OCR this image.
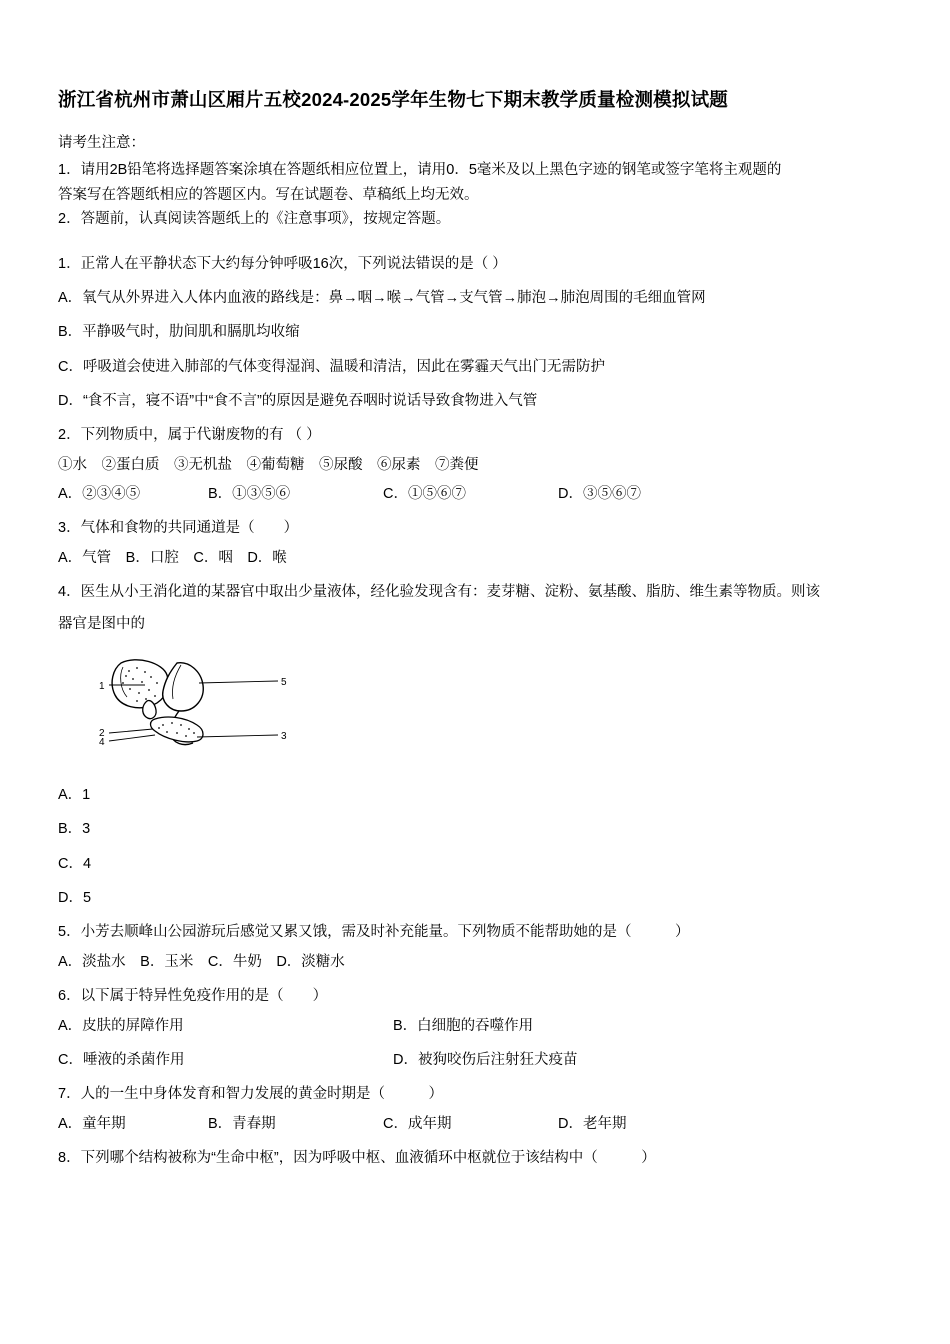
浙江省杭州市萧山区厢片五校2024-2025学年生物七下期末教学质量检测模拟试题
请考生注意：
1．请用2B铅笔将选择题答案涂填在答题纸相应位置上，请用0．5毫米及以上黑色字迹的钢笔或签字笔将主观题的
答案写在答题纸相应的答题区内。写在试题卷、草稿纸上均无效。
2．答题前，认真阅读答题纸上的《注意事项》，按规定答题。
1．正常人在平静状态下大约每分钟呼吸16次，下列说法错误的是（ ）
A．氧气从外界进入人体内血液的路线是：鼻→咽→喉→气管→支气管→肺泡→肺泡周围的毛细血管网
B．平静吸气时，肋间肌和膈肌均收缩
C．呼吸道会使进入肺部的气体变得湿润、温暖和清洁，因此在雾霾天气出门无需防护
D．“食不言，寝不语”中“食不言”的原因是避免吞咽时说话导致食物进入气管
2．下列物质中，属于代谢废物的有 （ ）
①水　②蛋白质　③无机盐　④葡萄糖　⑤尿酸　⑥尿素　⑦粪便
A．②③④⑤	B．①③⑤⑥	C．①⑤⑥⑦	D．③⑤⑥⑦
3．气体和食物的共同通道是（　　）
A．气管　B．口腔　C．咽　D．喉
4．医生从小王消化道的某器官中取出少量液体，经化验发现含有：麦芽糖、淀粉、氨基酸、脂肪、维生素等物质。则该
器官是图中的
1
2
4
5
3
A．1
B．3
C．4
D．5
5．小芳去顺峰山公园游玩后感觉又累又饿，需及时补充能量。下列物质不能帮助她的是（　　　）
A．淡盐水　B．玉米　C．牛奶　D．淡糖水
6．以下属于特异性免疫作用的是（　　）
A．皮肤的屏障作用	B．白细胞的吞噬作用
C．唾液的杀菌作用	D．被狗咬伤后注射狂犬疫苗
7．人的一生中身体发育和智力发展的黄金时期是（　　　）
A．童年期	B．青春期	C．成年期	D．老年期
8．下列哪个结构被称为“生命中枢”，因为呼吸中枢、血液循环中枢就位于该结构中（　　　）
